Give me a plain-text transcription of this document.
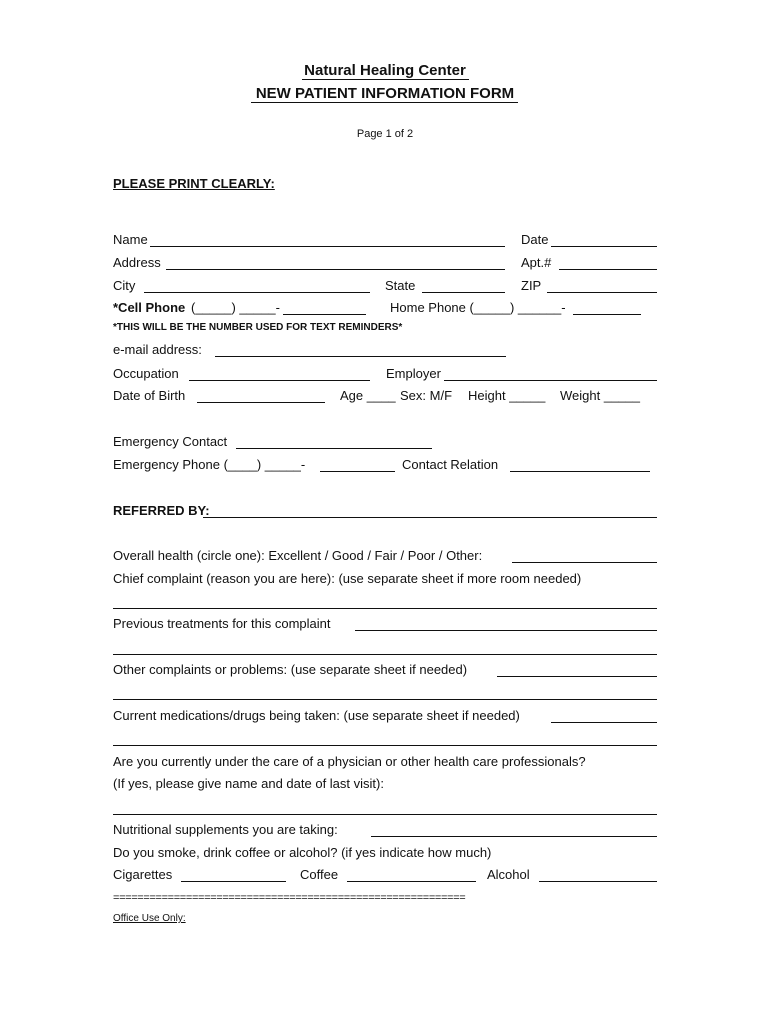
Natural Healing Center
NEW PATIENT INFORMATION FORM
Page 1 of 2
PLEASE PRINT CLEARLY:
Name	Date
Address	Apt.#
City	State	ZIP
*Cell Phone (_____) _____-	Home Phone (_____) ______-
*THIS WILL BE THE NUMBER USED FOR TEXT REMINDERS*
e-mail address:
Occupation	Employer
Date of Birth	Age ____ Sex: M/F Height _____ Weight _____
Emergency Contact
Emergency Phone (____) _____-	Contact Relation
REFERRED BY:
Overall health (circle one): Excellent / Good / Fair / Poor / Other:
Chief complaint (reason you are here): (use separate sheet if more room needed)
Previous treatments for this complaint
Other complaints or problems: (use separate sheet if needed)
Current medications/drugs being taken: (use separate sheet if needed)
Are you currently under the care of a physician or other health care professionals?
(If yes, please give name and date of last visit):
Nutritional supplements you are taking:
Do you smoke, drink coffee or alcohol? (if yes indicate how much)
Cigarettes	Coffee	Alcohol
==========================================================
Office Use Only:
